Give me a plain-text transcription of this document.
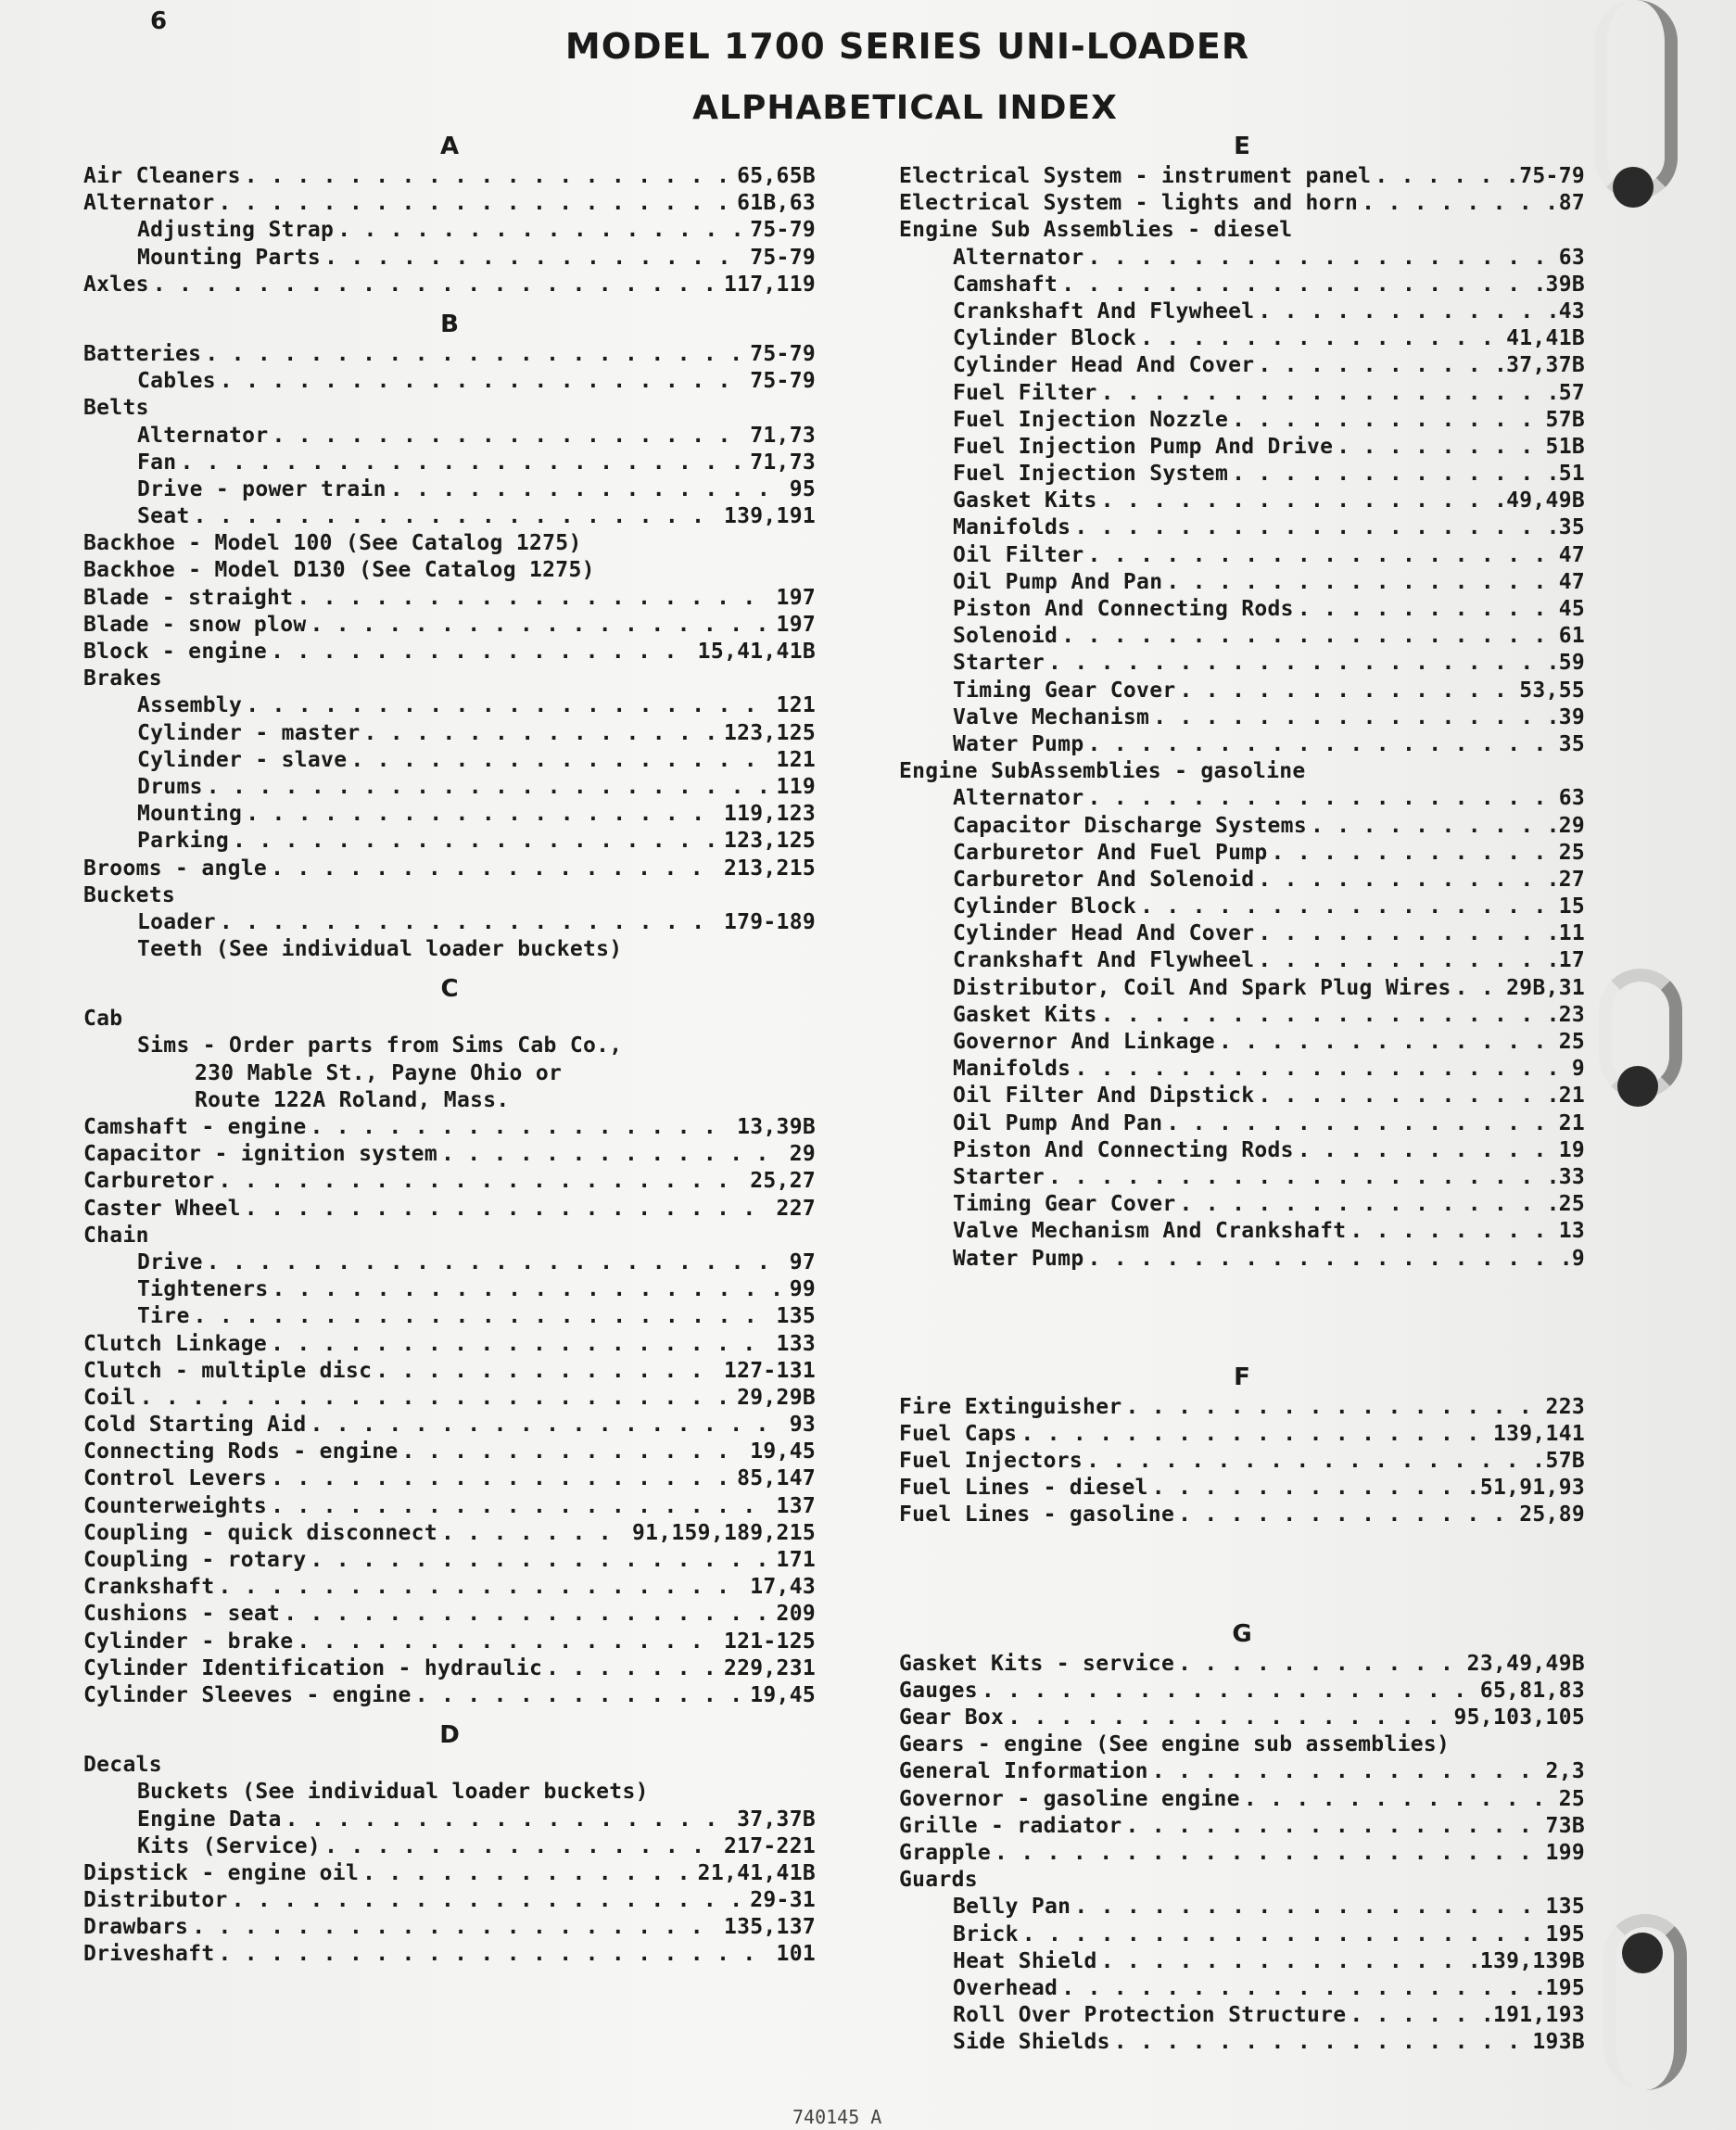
6
MODEL 1700 SERIES UNI-LOADER
ALPHABETICAL INDEX
A
Air Cleaners . . .	65,65B
Alternator . . .	61B,63
Adjusting Strap . . .	75-79
Mounting Parts . . .	75-79
Axles . . .	117,119
B
Batteries . . .	75-79
Cables . . .	75-79
Belts
Alternator . . .	71,73
Fan . . .	71,73
Drive - power train . . .	95
Seat . . .	139,191
Backhoe - Model 100 (See Catalog 1275)
Backhoe - Model D130 (See Catalog 1275)
Blade - straight . . .	197
Blade - snow plow . . .	197
Block - engine . . .	15,41,41B
Brakes
Assembly . . .	121
Cylinder - master . . .	123,125
Cylinder - slave . . .	121
Drums . . .	119
Mounting . . .	119,123
Parking . . .	123,125
Brooms - angle . . .	213,215
Buckets
Loader . . .	179-189
Teeth (See individual loader buckets)
C
Cab
Sims - Order parts from Sims Cab Co.,
230 Mable St., Payne Ohio or
Route 122A Roland, Mass.
Camshaft - engine . . .	13,39B
Capacitor - ignition system . . .	29
Carburetor . . .	25,27
Caster Wheel . . .	227
Chain
Drive . . .	97
Tighteners . . .	99
Tire . . .	135
Clutch Linkage . . .	133
Clutch - multiple disc . . .	127-131
Coil . . .	29,29B
Cold Starting Aid . . .	93
Connecting Rods - engine . . .	19,45
Control Levers . . .	85,147
Counterweights . . .	137
Coupling - quick disconnect . . .	91,159,189,215
Coupling - rotary . . .	171
Crankshaft . . .	17,43
Cushions - seat . . .	209
Cylinder - brake . . .	121-125
Cylinder Identification - hydraulic . . .	229,231
Cylinder Sleeves - engine . . .	19,45
D
Decals
Buckets (See individual loader buckets)
Engine Data . . .	37,37B
Kits (Service) . . .	217-221
Dipstick - engine oil . . .	21,41,41B
Distributor . . .	29-31
Drawbars . . .	135,137
Driveshaft . . .	101
E
Electrical System - instrument panel . . .	75-79
Electrical System - lights and horn . . .	87
Engine Sub Assemblies - diesel
Alternator . . .	63
Camshaft . . .	39B
Crankshaft And Flywheel . . .	43
Cylinder Block . . .	41,41B
Cylinder Head And Cover . . .	37,37B
Fuel Filter . . .	57
Fuel Injection Nozzle . . .	57B
Fuel Injection Pump And Drive . . .	51B
Fuel Injection System . . .	51
Gasket Kits . . .	49,49B
Manifolds . . .	35
Oil Filter . . .	47
Oil Pump And Pan . . .	47
Piston And Connecting Rods . . .	45
Solenoid . . .	61
Starter . . .	59
Timing Gear Cover . . .	53,55
Valve Mechanism . . .	39
Water Pump . . .	35
Engine SubAssemblies - gasoline
Alternator . . .	63
Capacitor Discharge Systems . . .	29
Carburetor And Fuel Pump . . .	25
Carburetor And Solenoid . . .	27
Cylinder Block . . .	15
Cylinder Head And Cover . . .	11
Crankshaft And Flywheel . . .	17
Distributor, Coil And Spark Plug Wires . . .	29B,31
Gasket Kits . . .	23
Governor And Linkage . . .	25
Manifolds . . .	9
Oil Filter And Dipstick . . .	21
Oil Pump And Pan . . .	21
Piston And Connecting Rods . . .	19
Starter . . .	33
Timing Gear Cover . . .	25
Valve Mechanism And Crankshaft . . .	13
Water Pump . . .	9
F
Fire Extinguisher . . .	223
Fuel Caps . . .	139,141
Fuel Injectors . . .	57B
Fuel Lines - diesel . . .	51,91,93
Fuel Lines - gasoline . . .	25,89
G
Gasket Kits - service . . .	23,49,49B
Gauges . . .	65,81,83
Gear Box . . .	95,103,105
Gears - engine (See engine sub assemblies)
General Information . . .	2,3
Governor - gasoline engine . . .	25
Grille - radiator . . .	73B
Grapple . . .	199
Guards
Belly Pan . . .	135
Brick . . .	195
Heat Shield . . .	139,139B
Overhead . . .	195
Roll Over Protection Structure . . .	191,193
Side Shields . . .	193B
740145 A
